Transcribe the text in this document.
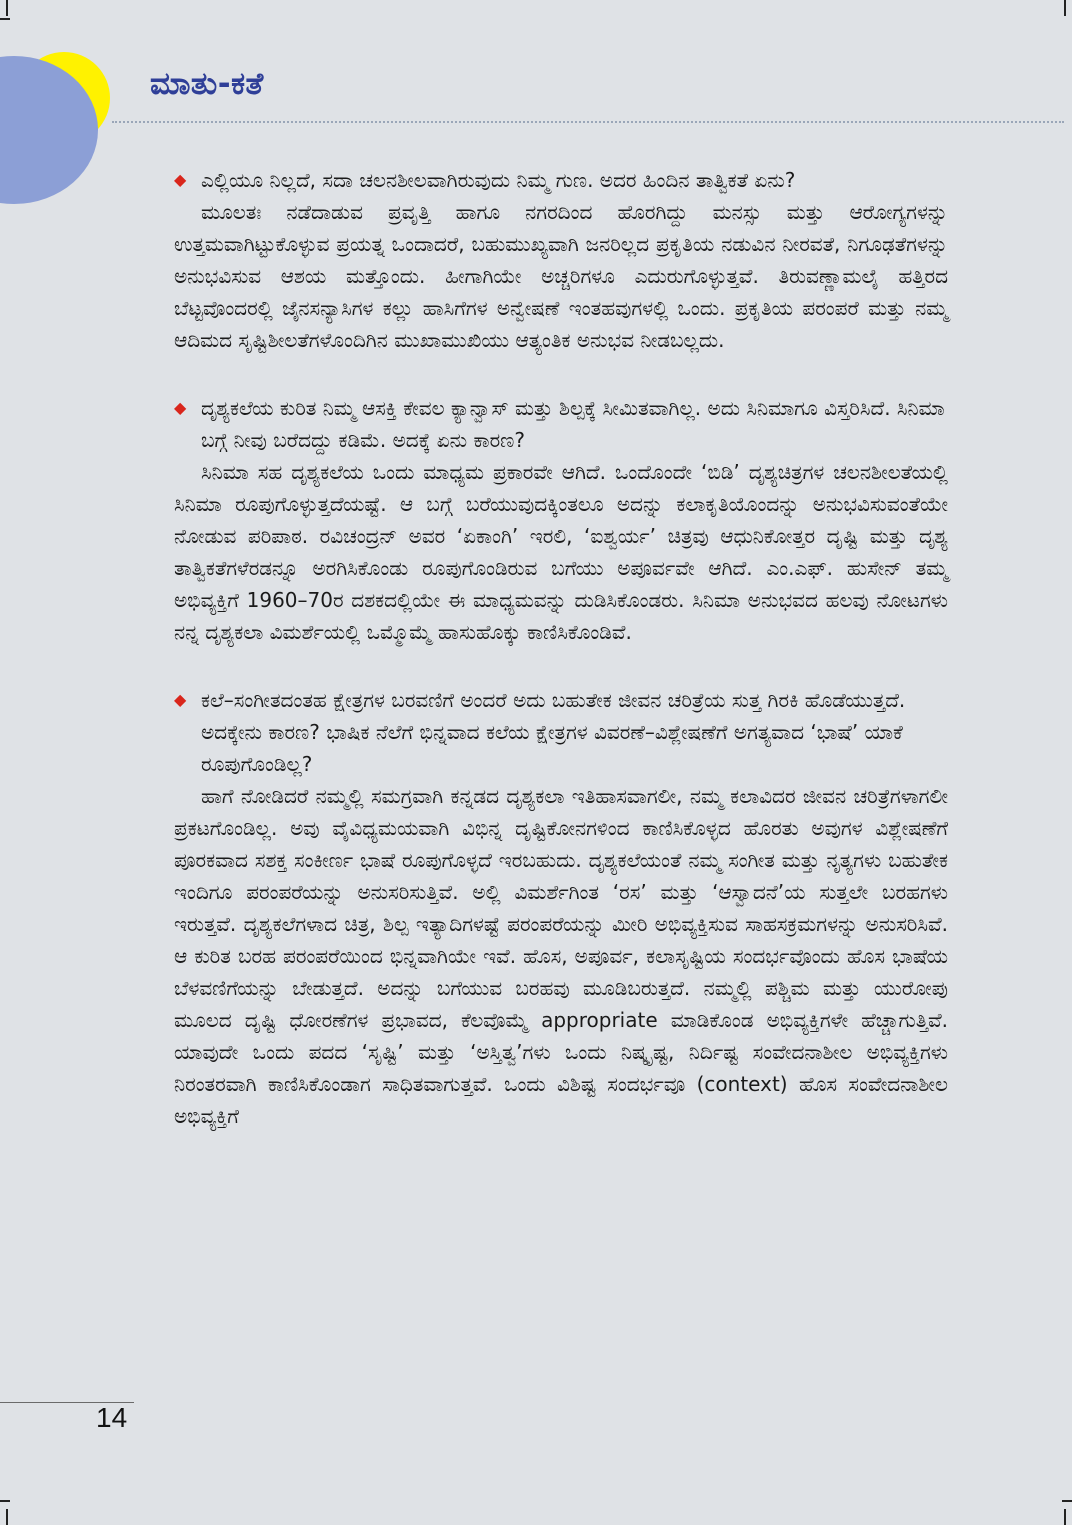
ಮಾತು-ಕತೆ

◆ ಎಲ್ಲಿಯೂ ನಿಲ್ಲದೆ, ಸದಾ ಚಲನಶೀಲವಾಗಿರುವುದು ನಿಮ್ಮ ಗುಣ. ಅದರ ಹಿಂದಿನ ತಾತ್ವಿಕತೆ ಏನು?

ಮೂಲತಃ ನಡೆದಾಡುವ ಪ್ರವೃತ್ತಿ ಹಾಗೂ ನಗರದಿಂದ ಹೊರಗಿದ್ದು ಮನಸ್ಸು ಮತ್ತು ಆರೋಗ್ಯಗಳನ್ನು ಉತ್ತಮವಾಗಿಟ್ಟುಕೊಳ್ಳುವ ಪ್ರಯತ್ನ ಒಂದಾದರೆ, ಬಹುಮುಖ್ಯವಾಗಿ ಜನರಿಲ್ಲದ ಪ್ರಕೃತಿಯ ನಡುವಿನ ನೀರವತೆ, ನಿಗೂಢತೆಗಳನ್ನು ಅನುಭವಿಸುವ ಆಶಯ ಮತ್ತೊಂದು. ಹೀಗಾಗಿಯೇ ಅಚ್ಚರಿಗಳೂ ಎದುರುಗೊಳ್ಳುತ್ತವೆ. ತಿರುವಣ್ಣಾಮಲೈ ಹತ್ತಿರದ ಬೆಟ್ಟವೊಂದರಲ್ಲಿ ಜೈನಸನ್ಯಾಸಿಗಳ ಕಲ್ಲು ಹಾಸಿಗೆಗಳ ಅನ್ವೇಷಣೆ ಇಂತಹವುಗಳಲ್ಲಿ ಒಂದು. ಪ್ರಕೃತಿಯ ಪರಂಪರೆ ಮತ್ತು ನಮ್ಮ ಆದಿಮದ ಸೃಷ್ಟಿಶೀಲತೆಗಳೊಂದಿಗಿನ ಮುಖಾಮುಖಿಯು ಆತ್ಯಂತಿಕ ಅನುಭವ ನೀಡಬಲ್ಲದು.

◆ ದೃಶ್ಯಕಲೆಯ ಕುರಿತ ನಿಮ್ಮ ಆಸಕ್ತಿ ಕೇವಲ ಕ್ಯಾನ್ವಾಸ್ ಮತ್ತು ಶಿಲ್ಪಕ್ಕೆ ಸೀಮಿತವಾಗಿಲ್ಲ. ಅದು ಸಿನಿಮಾಗೂ ವಿಸ್ತರಿಸಿದೆ. ಸಿನಿಮಾ ಬಗ್ಗೆ ನೀವು ಬರೆದದ್ದು ಕಡಿಮೆ. ಅದಕ್ಕೆ ಏನು ಕಾರಣ?

ಸಿನಿಮಾ ಸಹ ದೃಶ್ಯಕಲೆಯ ಒಂದು ಮಾಧ್ಯಮ ಪ್ರಕಾರವೇ ಆಗಿದೆ. ಒಂದೊಂದೇ ‘ಬಿಡಿ’ ದೃಶ್ಯಚಿತ್ರಗಳ ಚಲನಶೀಲತೆಯಲ್ಲಿ ಸಿನಿಮಾ ರೂಪುಗೊಳ್ಳುತ್ತದೆಯಷ್ಟೆ. ಆ ಬಗ್ಗೆ ಬರೆಯುವುದಕ್ಕಿಂತಲೂ ಅದನ್ನು ಕಲಾಕೃತಿಯೊಂದನ್ನು ಅನುಭವಿಸುವಂತೆಯೇ ನೋಡುವ ಪರಿಪಾಠ. ರವಿಚಂದ್ರನ್ ಅವರ ‘ಏಕಾಂಗಿ’ ಇರಲಿ, ‘ಐಶ್ವರ್ಯ’ ಚಿತ್ರವು ಆಧುನಿಕೋತ್ತರ ದೃಷ್ಟಿ ಮತ್ತು ದೃಶ್ಯ ತಾತ್ವಿಕತೆಗಳೆರಡನ್ನೂ ಅರಗಿಸಿಕೊಂಡು ರೂಪುಗೊಂಡಿರುವ ಬಗೆಯು ಅಪೂರ್ವವೇ ಆಗಿದೆ. ಎಂ.ಎಫ್. ಹುಸೇನ್ ತಮ್ಮ ಅಭಿವ್ಯಕ್ತಿಗೆ 1960–70ರ ದಶಕದಲ್ಲಿಯೇ ಈ ಮಾಧ್ಯಮವನ್ನು ದುಡಿಸಿಕೊಂಡರು. ಸಿನಿಮಾ ಅನುಭವದ ಹಲವು ನೋಟಗಳು ನನ್ನ ದೃಶ್ಯಕಲಾ ವಿಮರ್ಶೆಯಲ್ಲಿ ಒಮ್ಮೊಮ್ಮೆ ಹಾಸುಹೊಕ್ಕು ಕಾಣಿಸಿಕೊಂಡಿವೆ.

◆ ಕಲೆ–ಸಂಗೀತದಂತಹ ಕ್ಷೇತ್ರಗಳ ಬರವಣಿಗೆ ಅಂದರೆ ಅದು ಬಹುತೇಕ ಜೀವನ ಚರಿತ್ರೆಯ ಸುತ್ತ ಗಿರಕಿ ಹೊಡೆಯುತ್ತದೆ. ಅದಕ್ಕೇನು ಕಾರಣ? ಭಾಷಿಕ ನೆಲೆಗೆ ಭಿನ್ನವಾದ ಕಲೆಯ ಕ್ಷೇತ್ರಗಳ ವಿವರಣೆ–ವಿಶ್ಲೇಷಣೆಗೆ ಅಗತ್ಯವಾದ ‘ಭಾಷೆ’ ಯಾಕೆ ರೂಪುಗೊಂಡಿಲ್ಲ?

ಹಾಗೆ ನೋಡಿದರೆ ನಮ್ಮಲ್ಲಿ ಸಮಗ್ರವಾಗಿ ಕನ್ನಡದ ದೃಶ್ಯಕಲಾ ಇತಿಹಾಸವಾಗಲೀ, ನಮ್ಮ ಕಲಾವಿದರ ಜೀವನ ಚರಿತ್ರೆಗಳಾಗಲೀ ಪ್ರಕಟಗೊಂಡಿಲ್ಲ. ಅವು ವೈವಿಧ್ಯಮಯವಾಗಿ ವಿಭಿನ್ನ ದೃಷ್ಟಿಕೋನಗಳಿಂದ ಕಾಣಿಸಿಕೊಳ್ಳದ ಹೊರತು ಅವುಗಳ ವಿಶ್ಲೇಷಣೆಗೆ ಪೂರಕವಾದ ಸಶಕ್ತ ಸಂಕೀರ್ಣ ಭಾಷೆ ರೂಪುಗೊಳ್ಳದೆ ಇರಬಹುದು. ದೃಶ್ಯಕಲೆಯಂತೆ ನಮ್ಮ ಸಂಗೀತ ಮತ್ತು ನೃತ್ಯಗಳು ಬಹುತೇಕ ಇಂದಿಗೂ ಪರಂಪರೆಯನ್ನು ಅನುಸರಿಸುತ್ತಿವೆ. ಅಲ್ಲಿ ವಿಮರ್ಶೆಗಿಂತ ‘ರಸ’ ಮತ್ತು ‘ಆಸ್ವಾದನೆ’ಯ ಸುತ್ತಲೇ ಬರಹಗಳು ಇರುತ್ತವೆ. ದೃಶ್ಯಕಲೆಗಳಾದ ಚಿತ್ರ, ಶಿಲ್ಪ ಇತ್ಯಾದಿಗಳಷ್ಟೆ ಪರಂಪರೆಯನ್ನು ಮೀರಿ ಅಭಿವ್ಯಕ್ತಿಸುವ ಸಾಹಸಕ್ರಮಗಳನ್ನು ಅನುಸರಿಸಿವೆ. ಆ ಕುರಿತ ಬರಹ ಪರಂಪರೆಯಿಂದ ಭಿನ್ನವಾಗಿಯೇ ಇವೆ. ಹೊಸ, ಅಪೂರ್ವ, ಕಲಾಸೃಷ್ಟಿಯ ಸಂದರ್ಭವೊಂದು ಹೊಸ ಭಾಷೆಯ ಬೆಳವಣಿಗೆಯನ್ನು ಬೇಡುತ್ತದೆ. ಅದನ್ನು ಬಗೆಯುವ ಬರಹವು ಮೂಡಿಬರುತ್ತದೆ. ನಮ್ಮಲ್ಲಿ ಪಶ್ಚಿಮ ಮತ್ತು ಯುರೋಪು ಮೂಲದ ದೃಷ್ಟಿ ಧೋರಣೆಗಳ ಪ್ರಭಾವದ, ಕೆಲವೊಮ್ಮೆ appropriate ಮಾಡಿಕೊಂಡ ಅಭಿವ್ಯಕ್ತಿಗಳೇ ಹೆಚ್ಚಾಗುತ್ತಿವೆ. ಯಾವುದೇ ಒಂದು ಪದದ ‘ಸೃಷ್ಟಿ’ ಮತ್ತು ‘ಅಸ್ತಿತ್ವ’ಗಳು ಒಂದು ನಿಷ್ಕೃಷ್ಟ, ನಿರ್ದಿಷ್ಟ ಸಂವೇದನಾಶೀಲ ಅಭಿವ್ಯಕ್ತಿಗಳು ನಿರಂತರವಾಗಿ ಕಾಣಿಸಿಕೊಂಡಾಗ ಸಾಧಿತವಾಗುತ್ತವೆ. ಒಂದು ವಿಶಿಷ್ಟ ಸಂದರ್ಭವೂ (context) ಹೊಸ ಸಂವೇದನಾಶೀಲ ಅಭಿವ್ಯಕ್ತಿಗೆ

14
